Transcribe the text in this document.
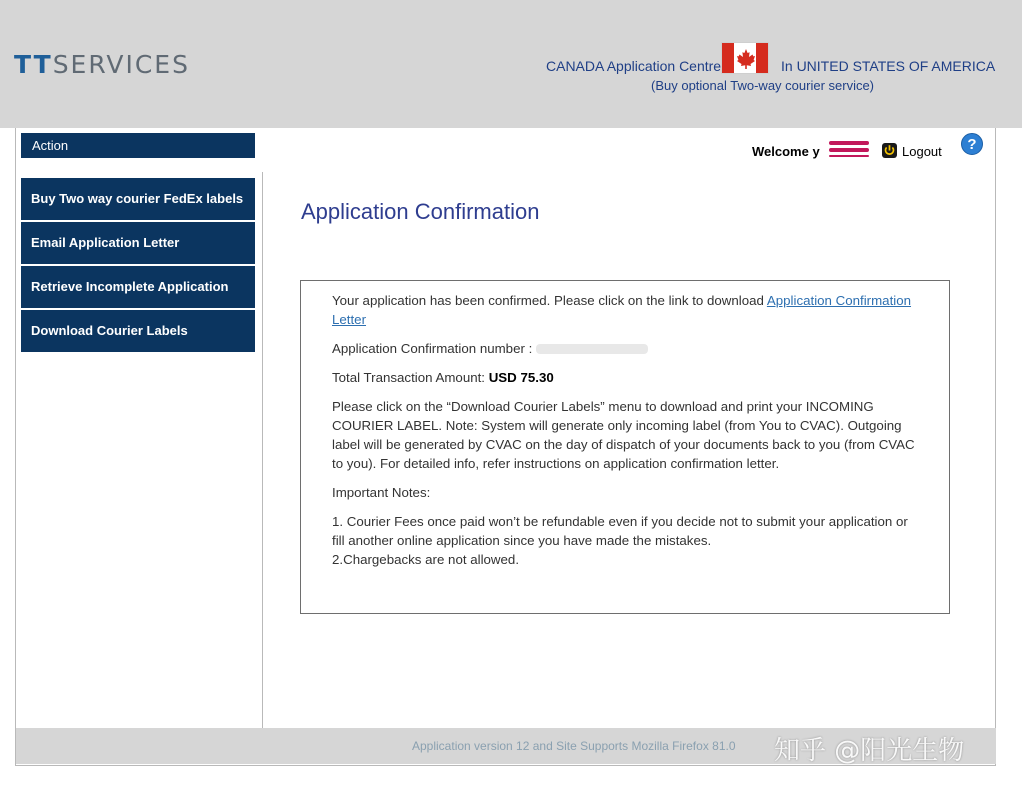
TTSERVICES	CANADA Application Centre	In UNITED STATES OF AMERICA
(Buy optional Two-way courier service)
Action
Buy Two way courier FedEx labels
Email Application Letter
Retrieve Incomplete Application
Download Courier Labels
Welcome y	Logout	?
Application Confirmation

Your application has been confirmed. Please click on the link to download Application Confirmation Letter

Application Confirmation number :

Total Transaction Amount: USD 75.30

Please click on the “Download Courier Labels” menu to download and print your INCOMING COURIER LABEL. Note: System will generate only incoming label (from You to CVAC). Outgoing label will be generated by CVAC on the day of dispatch of your documents back to you (from CVAC to you). For detailed info, refer instructions on application confirmation letter.

Important Notes:

1. Courier Fees once paid won’t be refundable even if you decide not to submit your application or fill another online application since you have made the mistakes.
2.Chargebacks are not allowed.
Application version 12 and Site Supports Mozilla Firefox 81.0 知乎 @阳光生物
